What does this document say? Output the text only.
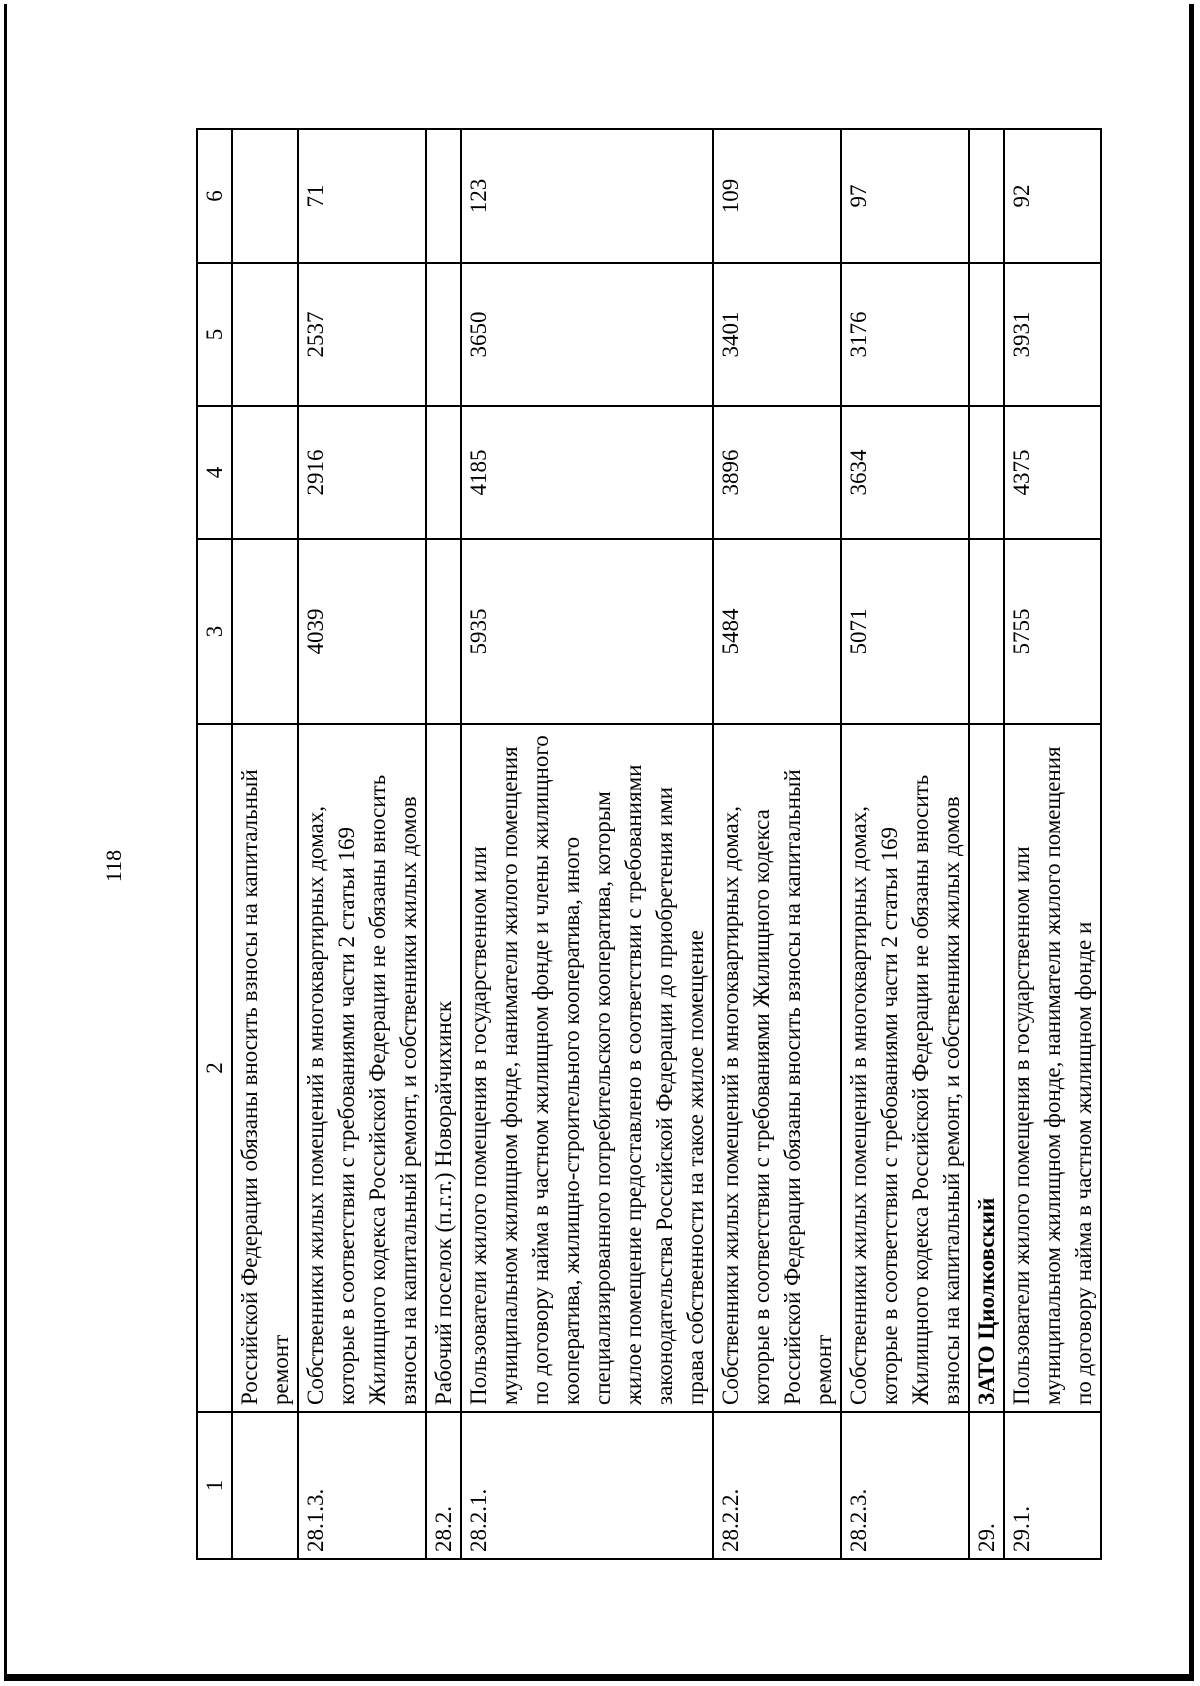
118
1	2	3	4	5	6
	Российской Федерации обязаны вносить взносы на капитальный ремонт				
28.1.3.	Собственники жилых помещений в многоквартирных домах, которые в соответствии с требованиями части 2 статьи 169 Жилищного кодекса Российской Федерации не обязаны вносить взносы на капитальный ремонт, и собственники жилых домов	4039	2916	2537	71
28.2.	Рабочий поселок (п.г.т.) Новорайчихинск				
28.2.1.	Пользователи жилого помещения в государственном или муниципальном жилищном фонде, наниматели жилого помещения по договору найма в частном жилищном фонде и члены жилищного кооператива, жилищно-строительного кооператива, иного специализированного потребительского кооператива, которым жилое помещение предоставлено в соответствии с требованиями законодательства Российской Федерации до приобретения ими права собственности на такое жилое помещение	5935	4185	3650	123
28.2.2.	Собственники жилых помещений в многоквартирных домах, которые в соответствии с требованиями Жилищного кодекса Российской Федерации обязаны вносить взносы на капитальный ремонт	5484	3896	3401	109
28.2.3.	Собственники жилых помещений в многоквартирных домах, которые в соответствии с требованиями части 2 статьи 169 Жилищного кодекса Российской Федерации не обязаны вносить взносы на капитальный ремонт, и собственники жилых домов	5071	3634	3176	97
29.	ЗАТО Циолковский				
29.1.	Пользователи жилого помещения в государственном или муниципальном жилищном фонде, наниматели жилого помещения по договору найма в частном жилищном фонде и	5755	4375	3931	92
